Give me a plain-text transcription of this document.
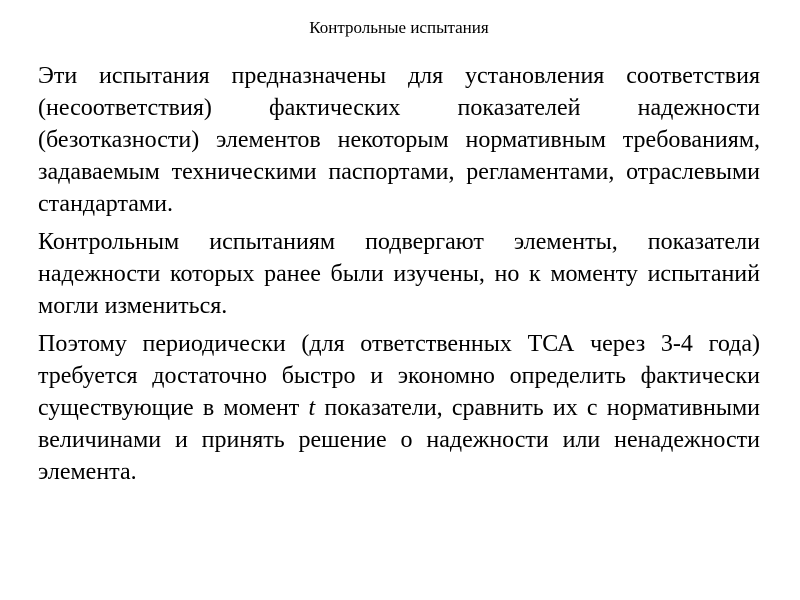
Контрольные испытания

Эти испытания предназначены для установления соответствия (несоответствия) фактических показателей надежности (безотказности) элементов некоторым нормативным требованиям, задаваемым техническими паспортами, регламентами, отраслевыми стандартами.

Контрольным испытаниям подвергают элементы, показатели надежности которых ранее были изучены, но к моменту испытаний могли измениться.

Поэтому периодически (для ответственных ТСА через 3-4 года) требуется достаточно быстро и экономно определить фактически существующие в момент t показатели, сравнить их с нормативными величинами и принять решение о надежности или ненадежности элемента.
